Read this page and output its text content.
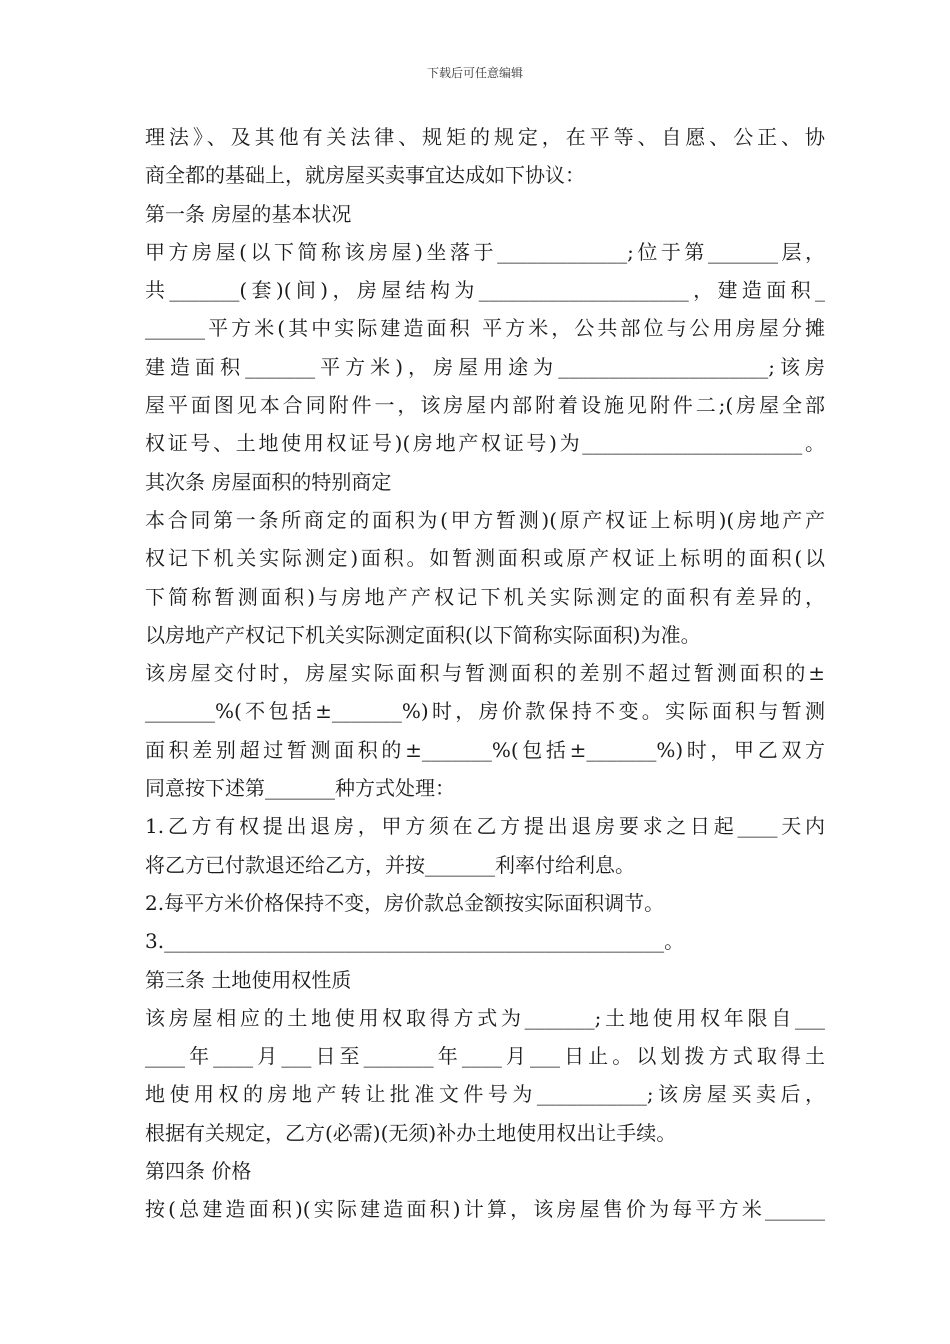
下载后可任意编辑
理法》、及其他有关法律、规矩的规定，在平等、自愿、公正、协
商全都的基础上，就房屋买卖事宜达成如下协议：
第一条 房屋的基本状况
甲方房屋(以下简称该房屋)坐落于_____________;位于第_______层，
共_______(套)(间)，房屋结构为_____________________，建造面积_
______平方米(其中实际建造面积 平方米，公共部位与公用房屋分摊
建造面积_______平方米)，房屋用途为_____________________;该房
屋平面图见本合同附件一，该房屋内部附着设施见附件二;(房屋全部
权证号、土地使用权证号)(房地产权证号)为______________________。
其次条 房屋面积的特别商定
本合同第一条所商定的面积为(甲方暂测)(原产权证上标明)(房地产产
权记下机关实际测定)面积。如暂测面积或原产权证上标明的面积(以
下简称暂测面积)与房地产产权记下机关实际测定的面积有差异的，
以房地产产权记下机关实际测定面积(以下简称实际面积)为准。
该房屋交付时，房屋实际面积与暂测面积的差别不超过暂测面积的±
_______%(不包括±_______%)时，房价款保持不变。实际面积与暂测
面积差别超过暂测面积的±_______%(包括±_______%)时，甲乙双方
同意按下述第_______种方式处理：
1.乙方有权提出退房，甲方须在乙方提出退房要求之日起____天内
将乙方已付款退还给乙方，并按_______利率付给利息。
2.每平方米价格保持不变，房价款总金额按实际面积调节。
3.__________________________________________________。
第三条 土地使用权性质
该房屋相应的土地使用权取得方式为_______;土地使用权年限自___
____年____月___日至_______年____月___日止。以划拨方式取得土
地使用权的房地产转让批准文件号为___________;该房屋买卖后，
根据有关规定，乙方(必需)(无须)补办土地使用权出让手续。
第四条 价格
按(总建造面积)(实际建造面积)计算，该房屋售价为每平方米______
